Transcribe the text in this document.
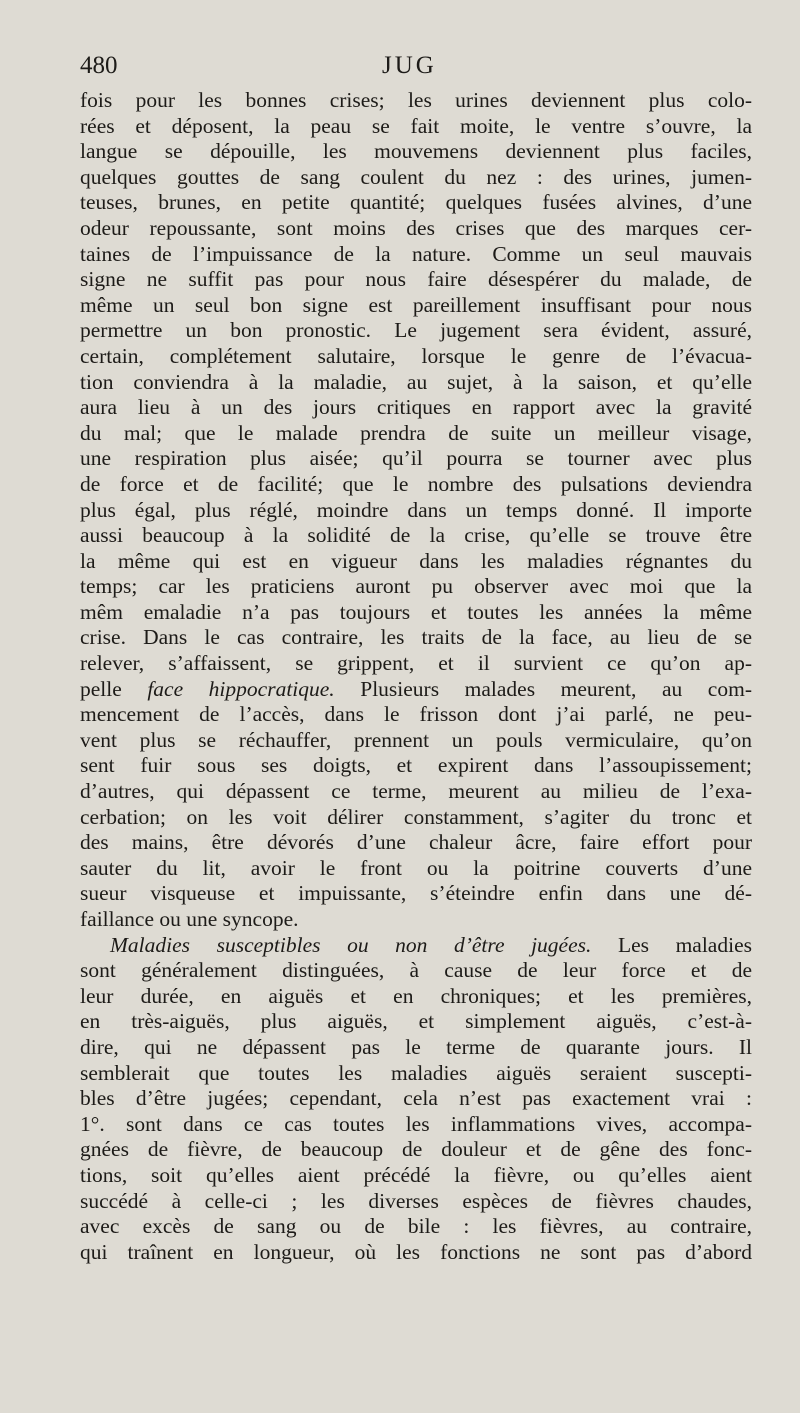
480	JUG
fois pour les bonnes crises; les urines deviennent plus colo-
rées et déposent, la peau se fait moite, le ventre s’ouvre, la
langue se dépouille, les mouvemens deviennent plus faciles,
quelques gouttes de sang coulent du nez : des urines, jumen-
teuses, brunes, en petite quantité; quelques fusées alvines, d’une
odeur repoussante, sont moins des crises que des marques cer-
taines de l’impuissance de la nature. Comme un seul mauvais
signe ne suffit pas pour nous faire désespérer du malade, de
même un seul bon signe est pareillement insuffisant pour nous
permettre un bon pronostic. Le jugement sera évident, assuré,
certain, complétement salutaire, lorsque le genre de l’évacua-
tion conviendra à la maladie, au sujet, à la saison, et qu’elle
aura lieu à un des jours critiques en rapport avec la gravité
du mal; que le malade prendra de suite un meilleur visage,
une respiration plus aisée; qu’il pourra se tourner avec plus
de force et de facilité; que le nombre des pulsations deviendra
plus égal, plus réglé, moindre dans un temps donné. Il importe
aussi beaucoup à la solidité de la crise, qu’elle se trouve être
la même qui est en vigueur dans les maladies régnantes du
temps; car les praticiens auront pu observer avec moi que la
mêm emaladie n’a pas toujours et toutes les années la même
crise. Dans le cas contraire, les traits de la face, au lieu de se
relever, s’affaissent, se grippent, et il survient ce qu’on ap-
pelle face hippocratique. Plusieurs malades meurent, au com-
mencement de l’accès, dans le frisson dont j’ai parlé, ne peu-
vent plus se réchauffer, prennent un pouls vermiculaire, qu’on
sent fuir sous ses doigts, et expirent dans l’assoupissement;
d’autres, qui dépassent ce terme, meurent au milieu de l’exa-
cerbation; on les voit délirer constamment, s’agiter du tronc et
des mains, être dévorés d’une chaleur âcre, faire effort pour
sauter du lit, avoir le front ou la poitrine couverts d’une
sueur visqueuse et impuissante, s’éteindre enfin dans une dé-
faillance ou une syncope.
Maladies susceptibles ou non d’être jugées. Les maladies
sont généralement distinguées, à cause de leur force et de
leur durée, en aiguës et en chroniques; et les premières,
en très-aiguës, plus aiguës, et simplement aiguës, c’est-à-
dire, qui ne dépassent pas le terme de quarante jours. Il
semblerait que toutes les maladies aiguës seraient suscepti-
bles d’être jugées; cependant, cela n’est pas exactement vrai :
1°. sont dans ce cas toutes les inflammations vives, accompa-
gnées de fièvre, de beaucoup de douleur et de gêne des fonc-
tions, soit qu’elles aient précédé la fièvre, ou qu’elles aient
succédé à celle-ci ; les diverses espèces de fièvres chaudes,
avec excès de sang ou de bile : les fièvres, au contraire,
qui traînent en longueur, où les fonctions ne sont pas d’abord
